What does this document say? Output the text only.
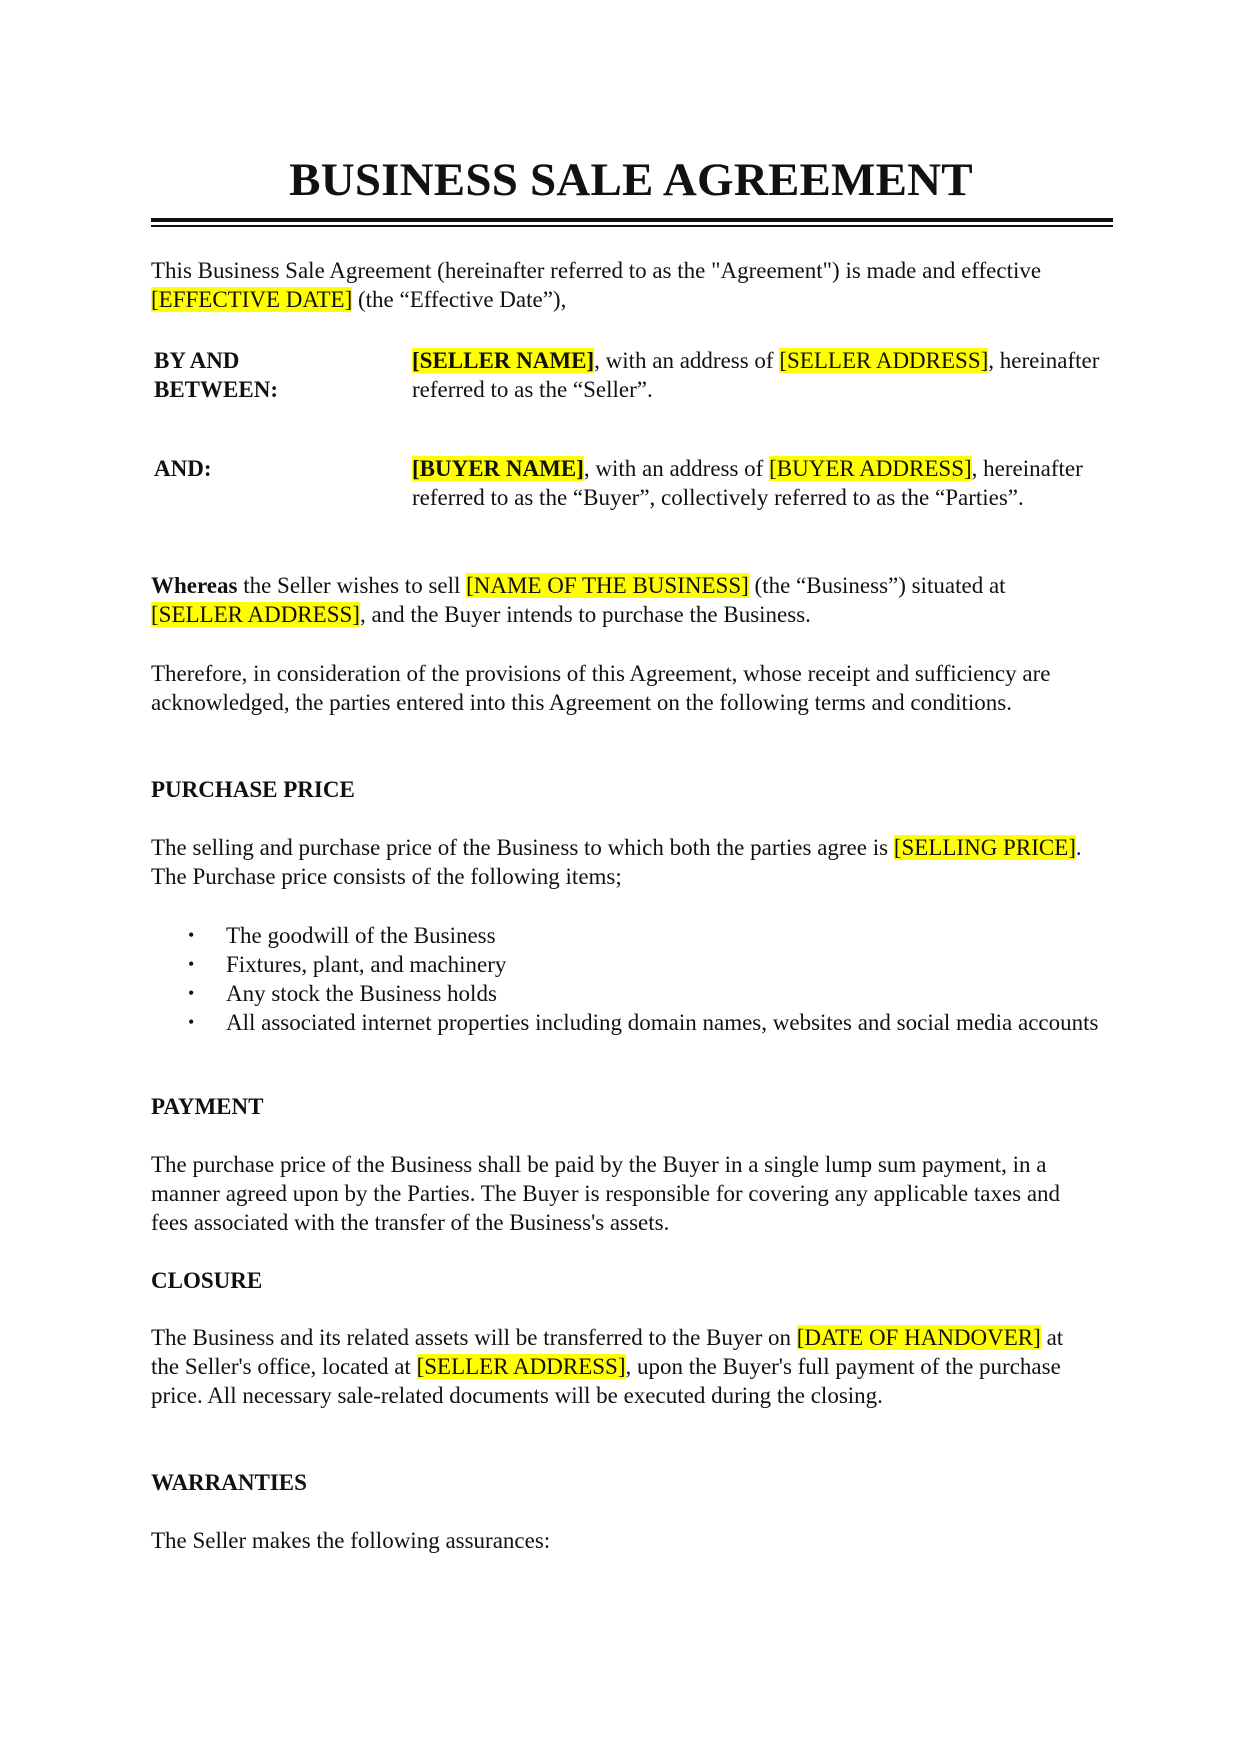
BUSINESS SALE AGREEMENT
This Business Sale Agreement (hereinafter referred to as the "Agreement") is made and effective [EFFECTIVE DATE] (the “Effective Date”),
BY AND BETWEEN:
[SELLER NAME], with an address of [SELLER ADDRESS], hereinafter referred to as the “Seller”.
AND:	[BUYER NAME], with an address of [BUYER ADDRESS], hereinafter referred to as the “Buyer”, collectively referred to as the “Parties”.
Whereas the Seller wishes to sell [NAME OF THE BUSINESS] (the “Business”) situated at [SELLER ADDRESS], and the Buyer intends to purchase the Business.
Therefore, in consideration of the provisions of this Agreement, whose receipt and sufficiency are acknowledged, the parties entered into this Agreement on the following terms and conditions.
PURCHASE PRICE
The selling and purchase price of the Business to which both the parties agree is [SELLING PRICE]. The Purchase price consists of the following items;
• The goodwill of the Business
• Fixtures, plant, and machinery
• Any stock the Business holds
• All associated internet properties including domain names, websites and social media accounts
PAYMENT
The purchase price of the Business shall be paid by the Buyer in a single lump sum payment, in a manner agreed upon by the Parties. The Buyer is responsible for covering any applicable taxes and fees associated with the transfer of the Business's assets.
CLOSURE
The Business and its related assets will be transferred to the Buyer on [DATE OF HANDOVER] at the Seller's office, located at [SELLER ADDRESS], upon the Buyer's full payment of the purchase price. All necessary sale-related documents will be executed during the closing.
WARRANTIES
The Seller makes the following assurances:
